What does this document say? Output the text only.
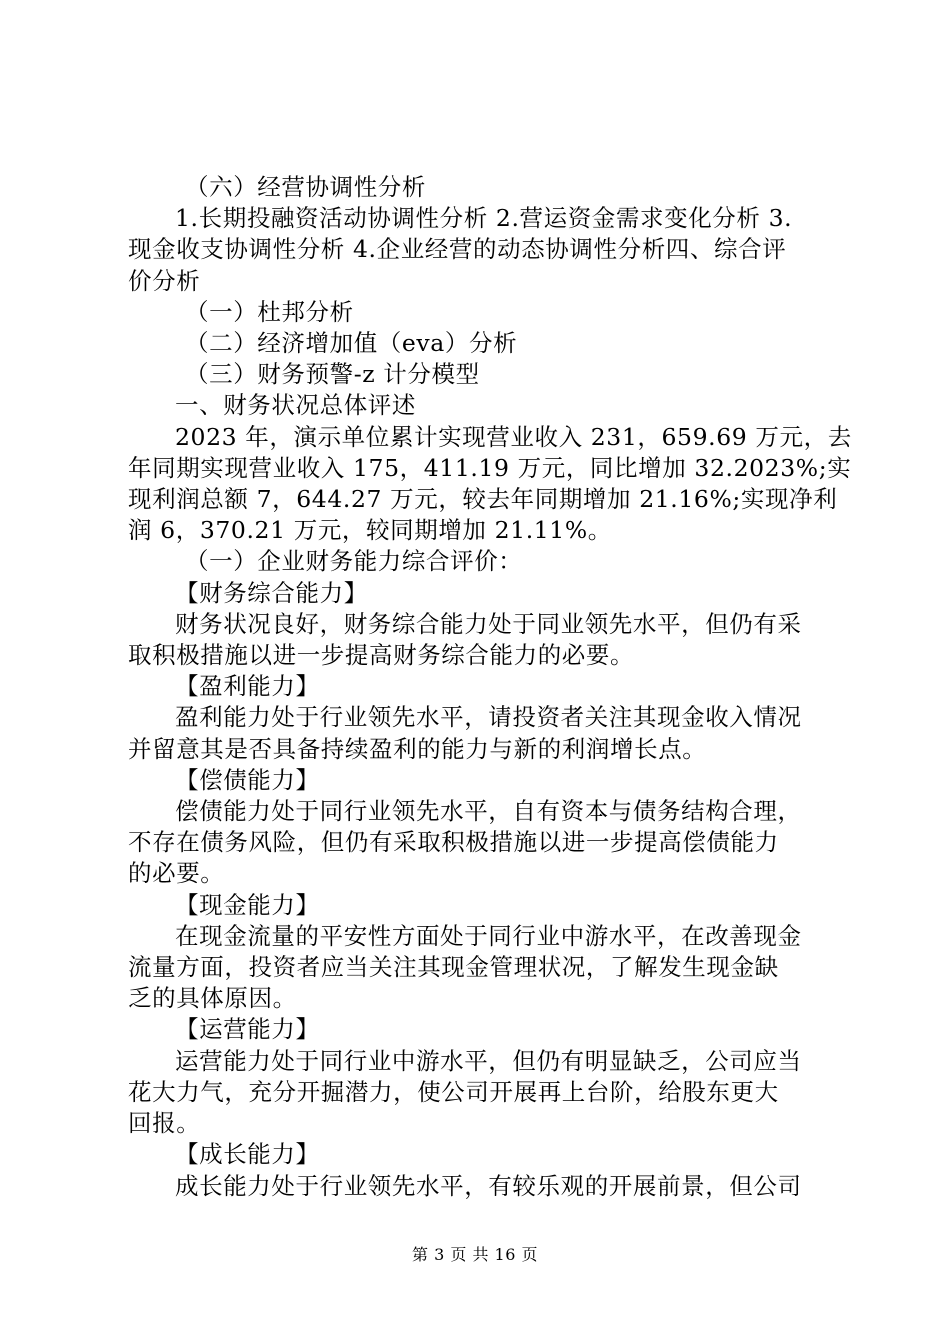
（六）经营协调性分析

1.长期投融资活动协调性分析 2.营运资金需求变化分析 3.

现金收支协调性分析 4.企业经营的动态协调性分析四、综合评

价分析

（一）杜邦分析

（二）经济增加值（eva）分析

（三）财务预警-z 计分模型

一、财务状况总体评述

2023 年，演示单位累计实现营业收入 231，659.69 万元，去

年同期实现营业收入 175，411.19 万元，同比增加 32.2023%;实

现利润总额 7，644.27 万元，较去年同期增加 21.16%;实现净利

润 6，370.21 万元，较同期增加 21.11%。

（一）企业财务能力综合评价：

【财务综合能力】

财务状况良好，财务综合能力处于同业领先水平，但仍有采

取积极措施以进一步提高财务综合能力的必要。

【盈利能力】

盈利能力处于行业领先水平，请投资者关注其现金收入情况

并留意其是否具备持续盈利的能力与新的利润增长点。

【偿债能力】

偿债能力处于同行业领先水平，自有资本与债务结构合理，

不存在债务风险，但仍有采取积极措施以进一步提高偿债能力

的必要。

【现金能力】

在现金流量的平安性方面处于同行业中游水平，在改善现金

流量方面，投资者应当关注其现金管理状况，了解发生现金缺

乏的具体原因。

【运营能力】

运营能力处于同行业中游水平，但仍有明显缺乏，公司应当

花大力气，充分开掘潜力，使公司开展再上台阶，给股东更大

回报。

【成长能力】

成长能力处于行业领先水平，有较乐观的开展前景，但公司

第 3 页 共 16 页
